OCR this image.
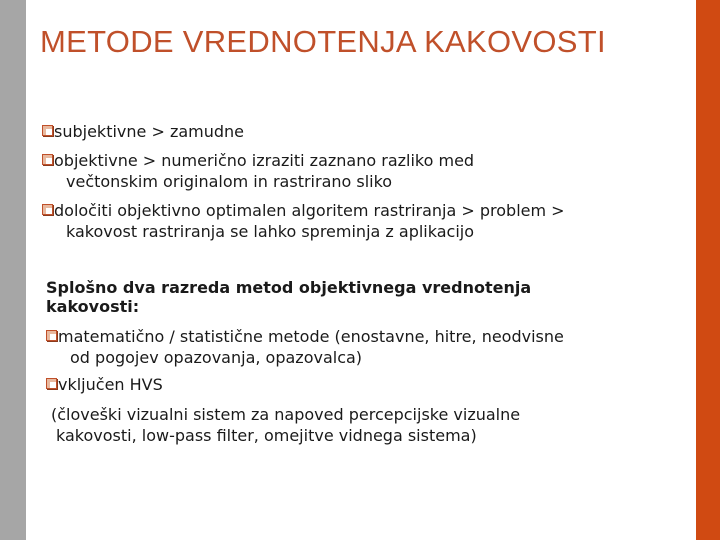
METODE VREDNOTENJA KAKOVOSTI
subjektivne > zamudne
objektivne > numerično izraziti zaznano razliko med
večtonskim originalom in rastrirano sliko
določiti objektivno optimalen algoritem rastriranja > problem >
kakovost rastriranja se lahko spreminja z aplikacijo
Splošno dva razreda metod objektivnega vrednotenja
kakovosti:
matematično / statistične metode (enostavne, hitre, neodvisne
od pogojev opazovanja, opazovalca)
vključen HVS
(človeški vizualni sistem za napoved percepcijske vizualne
kakovosti, low-pass filter, omejitve vidnega sistema)
